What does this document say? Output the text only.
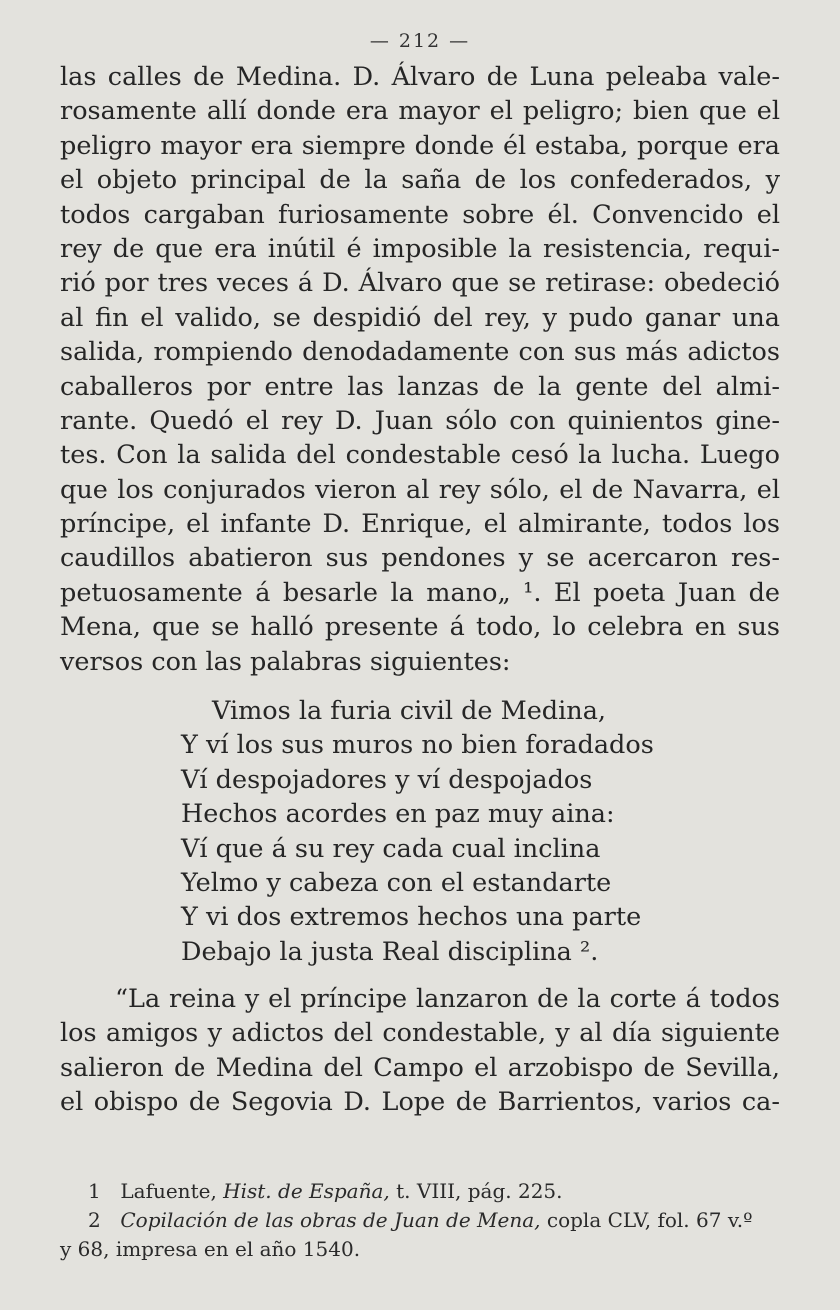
— 212 —
las calles de Medina. D. Álvaro de Luna peleaba vale-
rosamente allí donde era mayor el peligro; bien que el
peligro mayor era siempre donde él estaba, porque era
el objeto principal de la saña de los confederados, y
todos cargaban furiosamente sobre él. Convencido el
rey de que era inútil é imposible la resistencia, requi-
rió por tres veces á D. Álvaro que se retirase: obedeció
al fin el valido, se despidió del rey, y pudo ganar una
salida, rompiendo denodadamente con sus más adictos
caballeros por entre las lanzas de la gente del almi-
rante. Quedó el rey D. Juan sólo con quinientos gine-
tes. Con la salida del condestable cesó la lucha. Luego
que los conjurados vieron al rey sólo, el de Navarra, el
príncipe, el infante D. Enrique, el almirante, todos los
caudillos abatieron sus pendones y se acercaron res-
petuosamente á besarle la mano„ ¹. El poeta Juan de
Mena, que se halló presente á todo, lo celebra en sus
versos con las palabras siguientes:
Vimos la furia civil de Medina,
Y ví los sus muros no bien foradados
Ví despojadores y ví despojados
Hechos acordes en paz muy aina:
Ví que á su rey cada cual inclina
Yelmo y cabeza con el estandarte
Y vi dos extremos hechos una parte
Debajo la justa Real disciplina ².
“La reina y el príncipe lanzaron de la corte á todos
los amigos y adictos del condestable, y al día siguiente
salieron de Medina del Campo el arzobispo de Sevilla,
el obispo de Segovia D. Lope de Barrientos, varios ca-
1 Lafuente, Hist. de España, t. VIII, pág. 225.
2 Copilación de las obras de Juan de Mena, copla CLV, fol. 67 v.º
y 68, impresa en el año 1540.
